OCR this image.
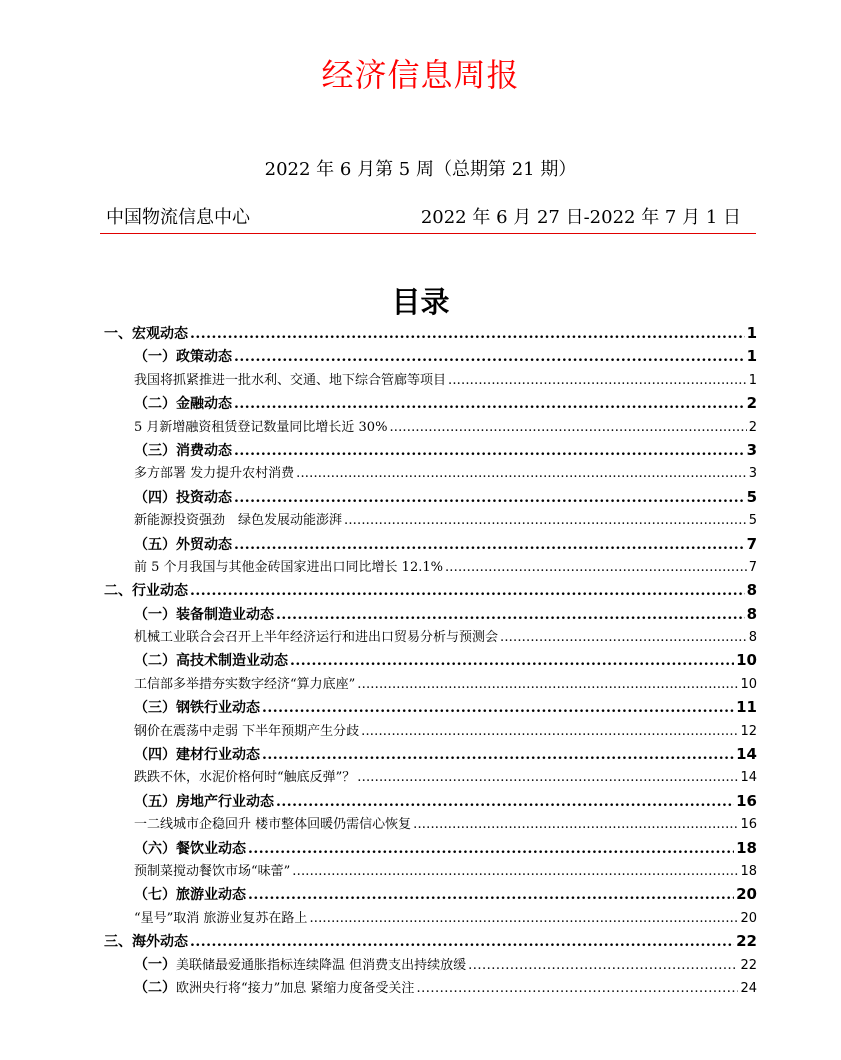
经济信息周报
2022 年 6 月第 5 周（总期第 21 期）
中国物流信息中心	2022 年 6 月 27 日-2022 年 7 月 1 日
目录
一、宏观动态 .....	1
（一）政策动态 .....	1
我国将抓紧推进一批水利、交通、地下综合管廊等项目 .....	1
（二）金融动态 .....	2
5 月新增融资租赁登记数量同比增长近 30% .....	2
（三）消费动态 .....	3
多方部署 发力提升农村消费 .....	3
（四）投资动态 .....	5
新能源投资强劲　绿色发展动能澎湃 .....	5
（五）外贸动态 .....	7
前 5 个月我国与其他金砖国家进出口同比增长 12.1% .....	7
二、行业动态 .....	8
（一）装备制造业动态 .....	8
机械工业联合会召开上半年经济运行和进出口贸易分析与预测会 .....	8
（二）高技术制造业动态 .....	10
工信部多举措夯实数字经济“算力底座” .....	10
（三）钢铁行业动态 .....	11
钢价在震荡中走弱 下半年预期产生分歧 .....	12
（四）建材行业动态 .....	14
跌跌不休，水泥价格何时“触底反弹”？ .....	14
（五）房地产行业动态 .....	16
一二线城市企稳回升 楼市整体回暖仍需信心恢复 .....	16
（六）餐饮业动态 .....	18
预制菜搅动餐饮市场“味蕾” .....	18
（七）旅游业动态 .....	20
“星号”取消 旅游业复苏在路上 .....	20
三、海外动态 .....	22
（一）美联储最爱通胀指标连续降温 但消费支出持续放缓 .....	22
（二）欧洲央行将“接力”加息 紧缩力度备受关注 .....	24
